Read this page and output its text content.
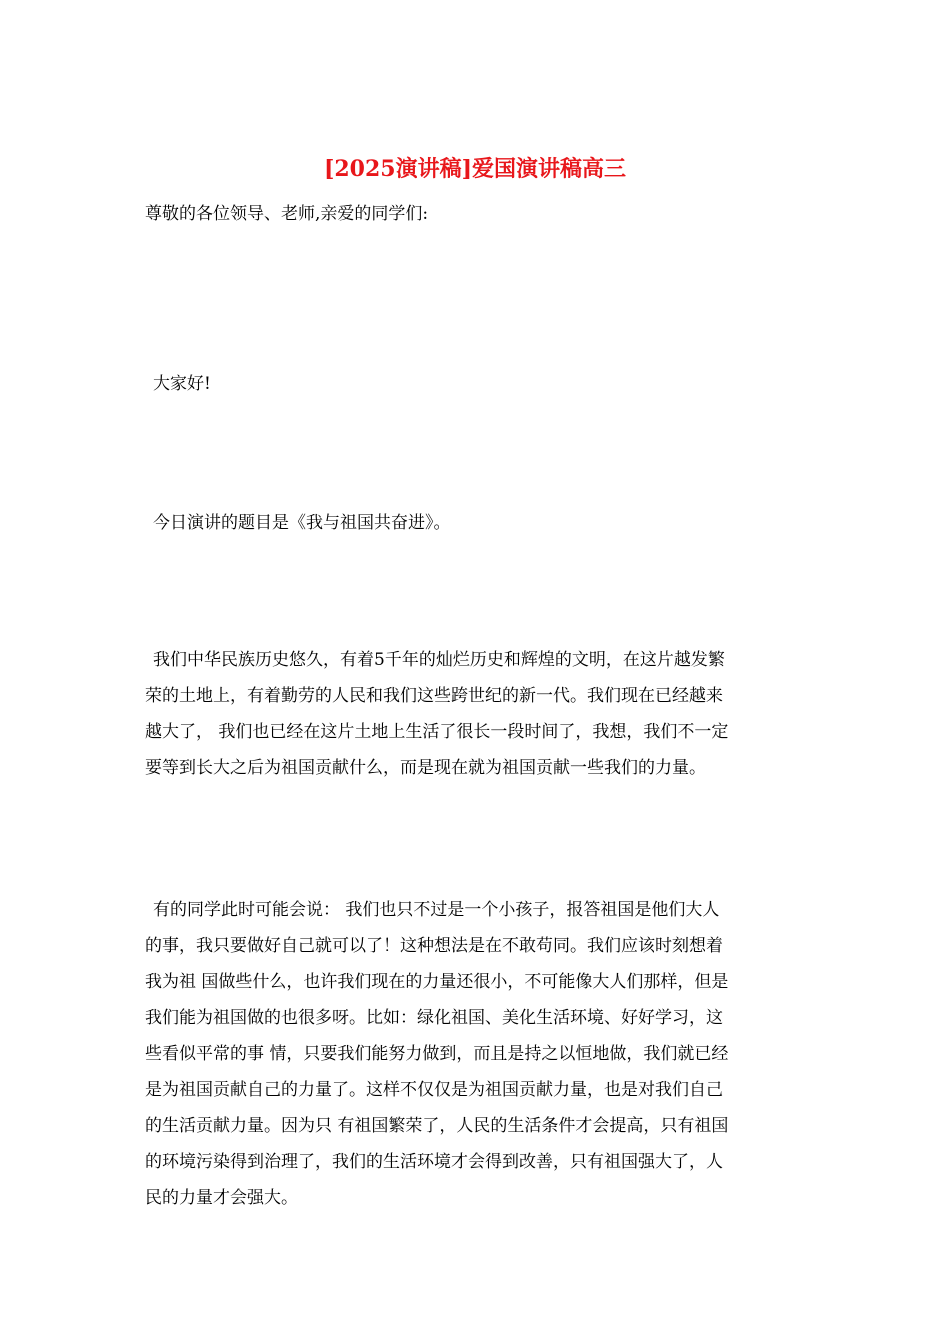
[2025演讲稿]爱国演讲稿高三

尊敬的各位领导、老师,亲爱的同学们:

大家好!

今日演讲的题目是《我与祖国共奋进》。

我们中华民族历史悠久，有着5千年的灿烂历史和辉煌的文明，在这片越发繁
荣的土地上，有着勤劳的人民和我们这些跨世纪的新一代。我们现在已经越来
越大了， 我们也已经在这片土地上生活了很长一段时间了，我想，我们不一定
要等到长大之后为祖国贡献什么，而是现在就为祖国贡献一些我们的力量。

有的同学此时可能会说： 我们也只不过是一个小孩子，报答祖国是他们大人
的事，我只要做好自己就可以了！这种想法是在不敢苟同。我们应该时刻想着
我为祖 国做些什么，也许我们现在的力量还很小，不可能像大人们那样，但是
我们能为祖国做的也很多呀。比如：绿化祖国、美化生活环境、好好学习，这
些看似平常的事 情，只要我们能努力做到，而且是持之以恒地做，我们就已经
是为祖国贡献自己的力量了。这样不仅仅是为祖国贡献力量，也是对我们自己
的生活贡献力量。因为只 有祖国繁荣了，人民的生活条件才会提高，只有祖国
的环境污染得到治理了，我们的生活环境才会得到改善，只有祖国强大了，人
民的力量才会强大。
